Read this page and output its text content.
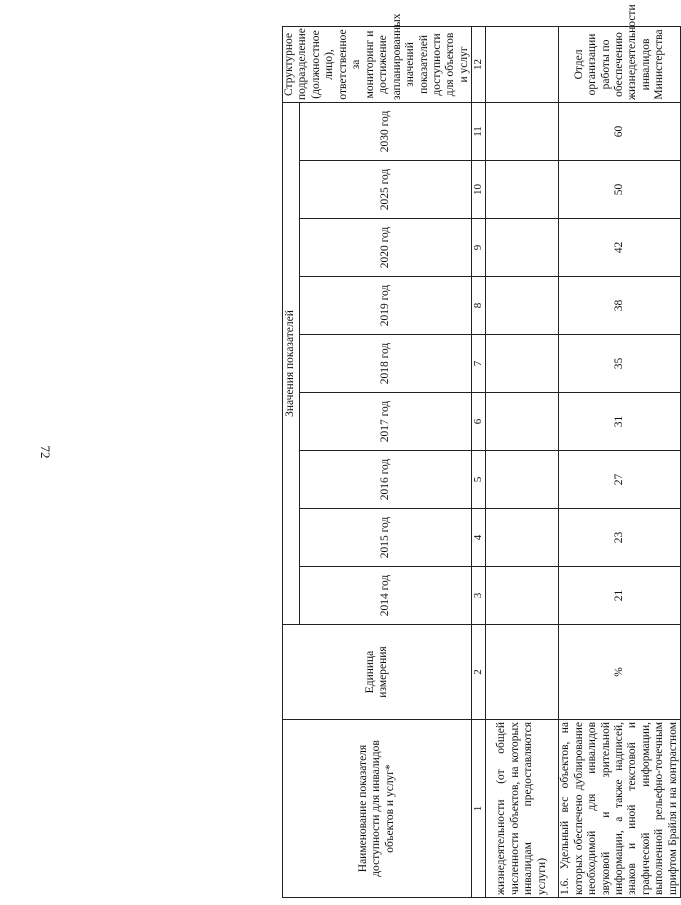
72
Наименование показателя доступности для инвалидов объектов и услуг*	Единица измерения	Значения показателей									Структурное подразделение (должностное лицо), ответственное за мониторинг и достижение запланированных значений показателей доступности для объектов и услуг
		2014 год	2015 год	2016 год	2017 год	2018 год	2019 год	2020 год	2025 год	2030 год	
1	2	3	4	5	6	7	8	9	10	11	12

жизнедеятельности (от общей численности объектов, на которых инвалидам предоставляются услуги)											

1.6. Удельный вес объектов, на которых обеспечено дублирование необходимой для инвалидов звуковой и зрительной информации, а также надписей, знаков и иной текстовой и графической информации, выполненной рельефно-точечным шрифтом Брайля и на контрастном	%	21	23	27	31	35	38	42	50	60	Отдел организации работы по обеспечению жизнедеятельности инвалидов Министерства
